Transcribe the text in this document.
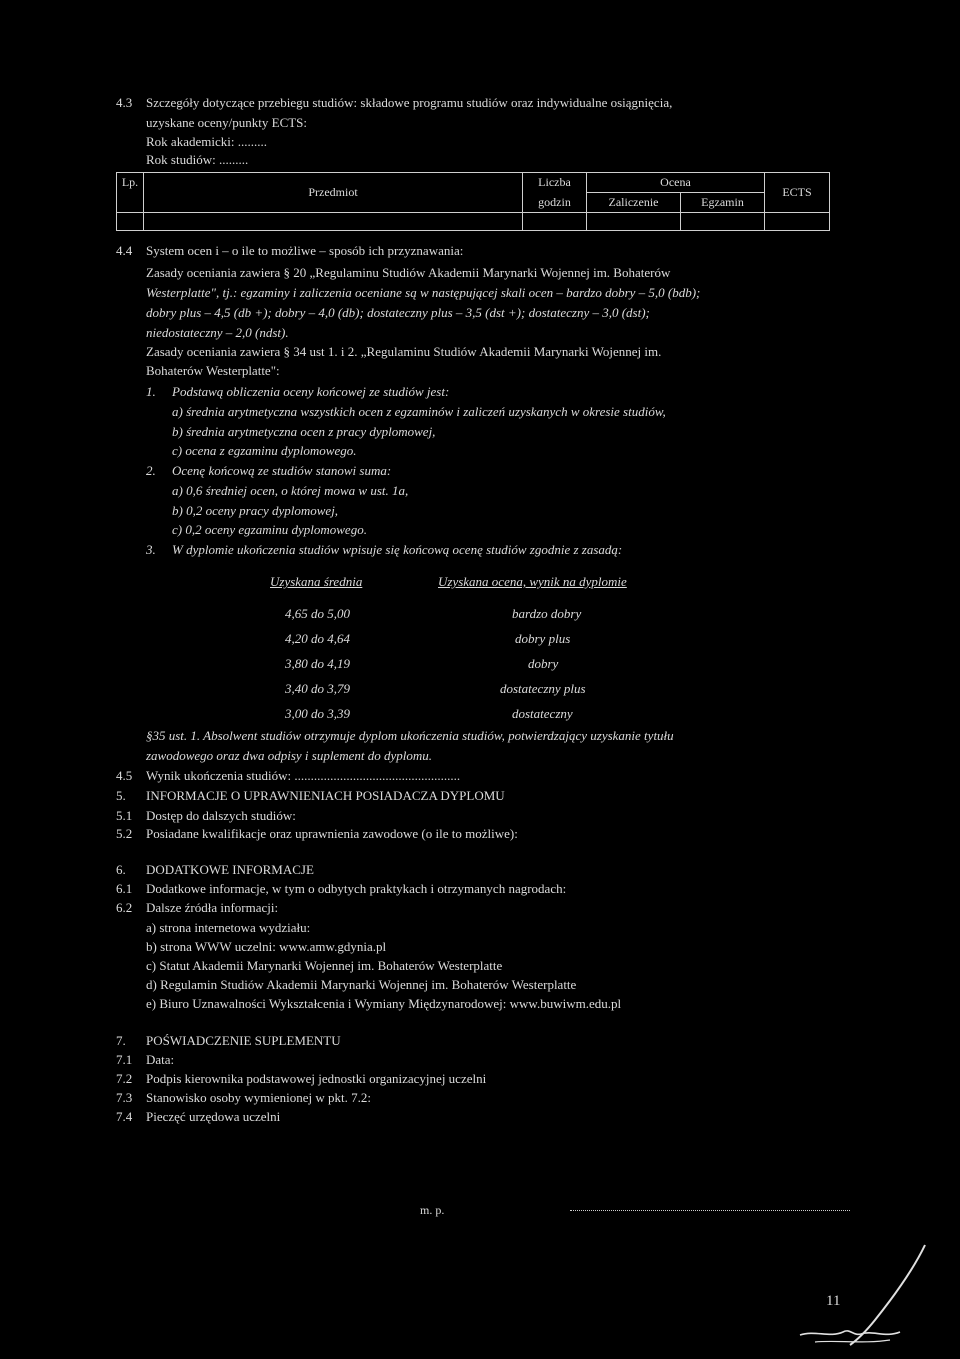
4.3 Szczegóły dotyczące przebiegu studiów: składowe programu studiów oraz indywidualne osiągnięcia,
uzyskane oceny/punkty ECTS:
Rok akademicki: .........
Rok studiów: .........
Lp.	Przedmiot	Liczba	Ocena		ECTS
		godzin	Zaliczenie	Egzamin	

4.4 System ocen i – o ile to możliwe – sposób ich przyznawania:
Zasady oceniania zawiera § 20 „Regulaminu Studiów Akademii Marynarki Wojennej im. Bohaterów
Westerplatte", tj.: egzaminy i zaliczenia oceniane są w następującej skali ocen – bardzo dobry – 5,0 (bdb);
dobry plus – 4,5 (db +); dobry – 4,0 (db); dostateczny plus – 3,5 (dst +); dostateczny – 3,0 (dst);
niedostateczny – 2,0 (ndst).
Zasady oceniania zawiera § 34 ust 1. i 2. „Regulaminu Studiów Akademii Marynarki Wojennej im.
Bohaterów Westerplatte":
1. Podstawą obliczenia oceny końcowej ze studiów jest:
a) średnia arytmetyczna wszystkich ocen z egzaminów i zaliczeń uzyskanych w okresie studiów,
b) średnia arytmetyczna ocen z pracy dyplomowej,
c) ocena z egzaminu dyplomowego.
2. Ocenę końcową ze studiów stanowi suma:
a) 0,6 średniej ocen, o której mowa w ust. 1a,
b) 0,2 oceny pracy dyplomowej,
c) 0,2 oceny egzaminu dyplomowego.
3. W dyplomie ukończenia studiów wpisuje się końcową ocenę studiów zgodnie z zasadą:
Uzyskana średnia	Uzyskana ocena, wynik na dyplomie
4,65 do 5,00	bardzo dobry
4,20 do 4,64	dobry plus
3,80 do 4,19	dobry
3,40 do 3,79	dostateczny plus
3,00 do 3,39	dostateczny
§35 ust. 1. Absolwent studiów otrzymuje dyplom ukończenia studiów, potwierdzający uzyskanie tytułu
zawodowego oraz dwa odpisy i suplement do dyplomu.
4.5 Wynik ukończenia studiów: ...................................................
5. INFORMACJE O UPRAWNIENIACH POSIADACZA DYPLOMU
5.1 Dostęp do dalszych studiów:
5.2 Posiadane kwalifikacje oraz uprawnienia zawodowe (o ile to możliwe):
6. DODATKOWE INFORMACJE
6.1 Dodatkowe informacje, w tym o odbytych praktykach i otrzymanych nagrodach:
6.2 Dalsze źródła informacji:
a) strona internetowa wydziału:
b) strona WWW uczelni: www.amw.gdynia.pl
c) Statut Akademii Marynarki Wojennej im. Bohaterów Westerplatte
d) Regulamin Studiów Akademii Marynarki Wojennej im. Bohaterów Westerplatte
e) Biuro Uznawalności Wykształcenia i Wymiany Międzynarodowej: www.buwiwm.edu.pl
7. POŚWIADCZENIE SUPLEMENTU
7.1 Data:
7.2 Podpis kierownika podstawowej jednostki organizacyjnej uczelni
7.3 Stanowisko osoby wymienionej w pkt. 7.2:
7.4 Pieczęć urzędowa uczelni
m. p.
11
